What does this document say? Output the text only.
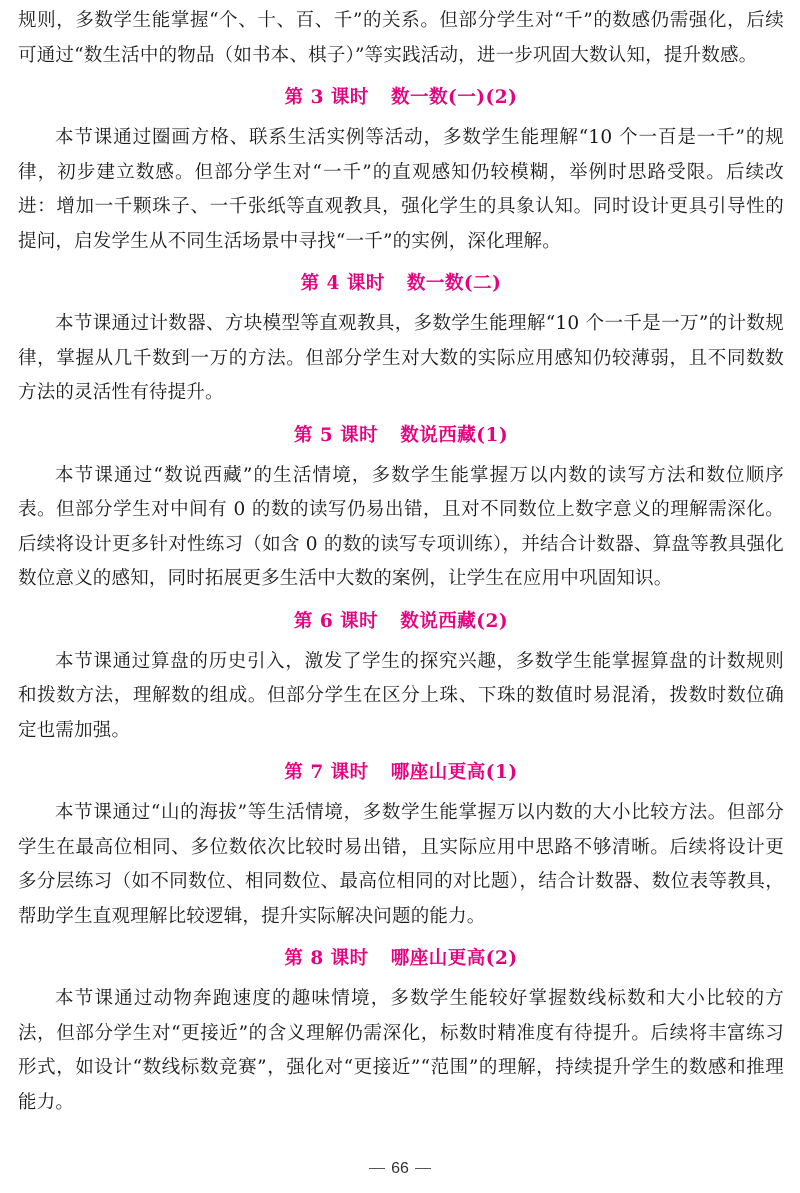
规则，多数学生能掌握“个、十、百、千”的关系。但部分学生对“千”的数感仍需强化，后续可通过“数生活中的物品（如书本、棋子）”等实践活动，进一步巩固大数认知，提升数感。

第 3 课时 数一数(一)(2)

本节课通过圈画方格、联系生活实例等活动，多数学生能理解“10 个一百是一千”的规律，初步建立数感。但部分学生对“一千”的直观感知仍较模糊，举例时思路受限。后续改进：增加一千颗珠子、一千张纸等直观教具，强化学生的具象认知。同时设计更具引导性的提问，启发学生从不同生活场景中寻找“一千”的实例，深化理解。

第 4 课时 数一数(二)

本节课通过计数器、方块模型等直观教具，多数学生能理解“10 个一千是一万”的计数规律，掌握从几千数到一万的方法。但部分学生对大数的实际应用感知仍较薄弱，且不同数数方法的灵活性有待提升。

第 5 课时 数说西藏(1)

本节课通过“数说西藏”的生活情境，多数学生能掌握万以内数的读写方法和数位顺序表。但部分学生对中间有 0 的数的读写仍易出错，且对不同数位上数字意义的理解需深化。后续将设计更多针对性练习（如含 0 的数的读写专项训练），并结合计数器、算盘等教具强化数位意义的感知，同时拓展更多生活中大数的案例，让学生在应用中巩固知识。

第 6 课时 数说西藏(2)

本节课通过算盘的历史引入，激发了学生的探究兴趣，多数学生能掌握算盘的计数规则和拨数方法，理解数的组成。但部分学生在区分上珠、下珠的数值时易混淆，拨数时数位确定也需加强。

第 7 课时 哪座山更高(1)

本节课通过“山的海拔”等生活情境，多数学生能掌握万以内数的大小比较方法。但部分学生在最高位相同、多位数依次比较时易出错，且实际应用中思路不够清晰。后续将设计更多分层练习（如不同数位、相同数位、最高位相同的对比题），结合计数器、数位表等教具，帮助学生直观理解比较逻辑，提升实际解决问题的能力。

第 8 课时 哪座山更高(2)

本节课通过动物奔跑速度的趣味情境，多数学生能较好掌握数线标数和大小比较的方法，但部分学生对“更接近”的含义理解仍需深化，标数时精准度有待提升。后续将丰富练习形式，如设计“数线标数竞赛”，强化对“更接近”“范围”的理解，持续提升学生的数感和推理能力。

66
